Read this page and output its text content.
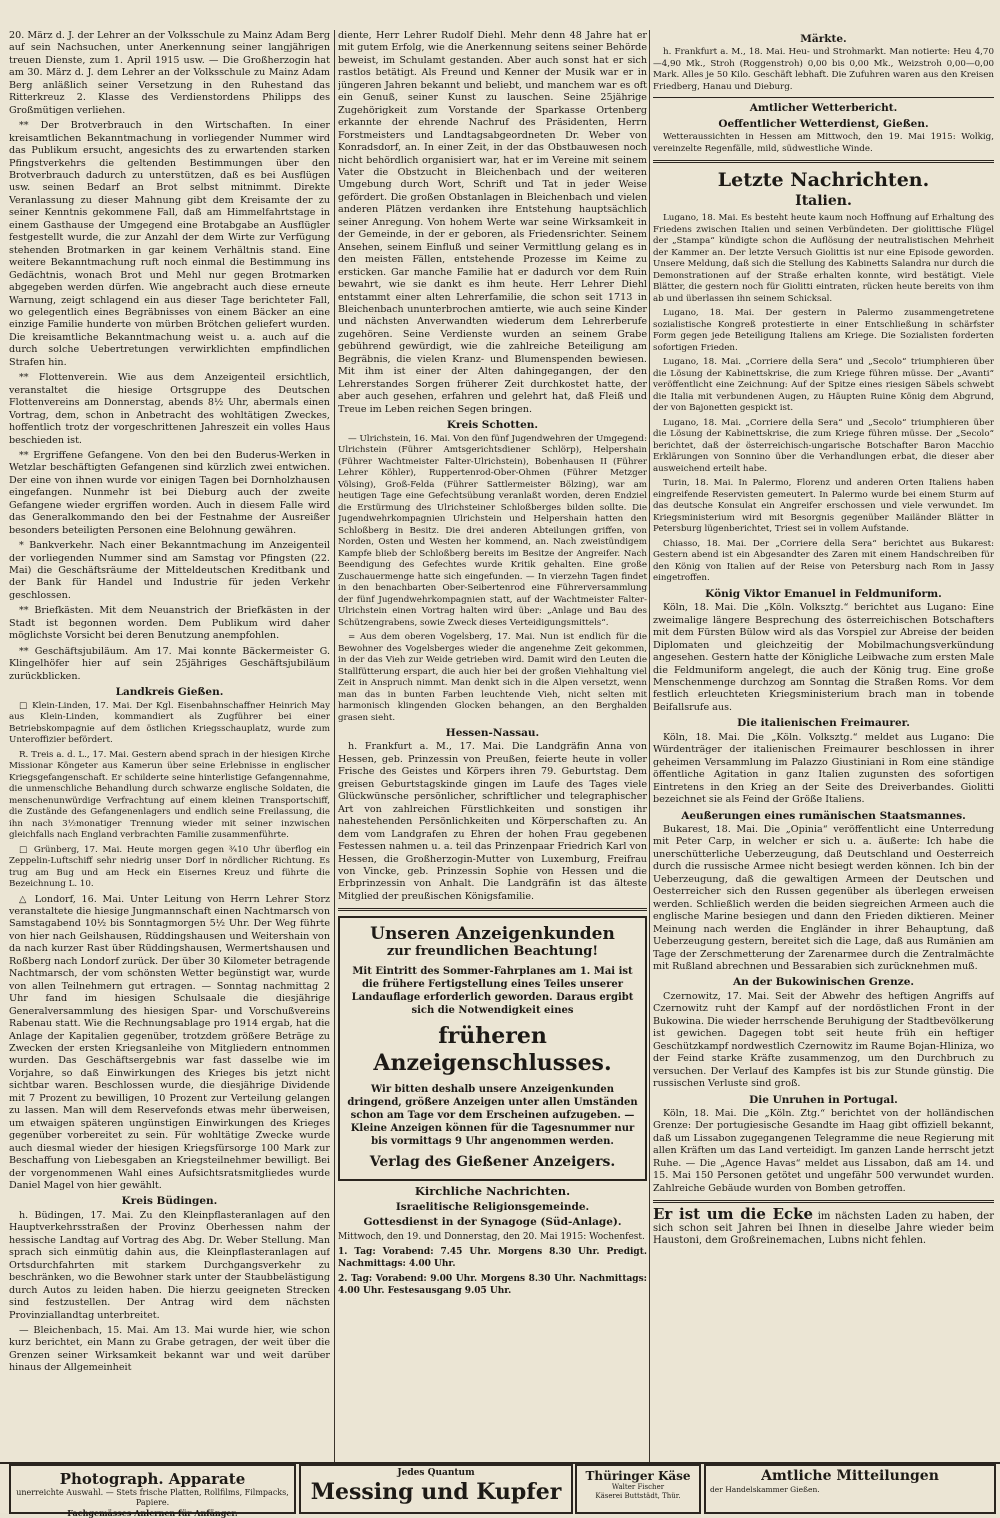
20. März d. J. der Lehrer an der Volksschule zu Mainz Adam Berg auf sein Nachsuchen, unter Anerkennung seiner langjährigen treuen Dienste, zum 1. April 1915 usw. — Die Großherzogin hat am 30. März d. J. dem Lehrer an der Volksschule zu Mainz Adam Berg anläßlich seiner Versetzung in den Ruhestand das Ritterkreuz 2. Klasse des Verdienstordens Philipps des Großmütigen verliehen.

** Der Brotverbrauch in den Wirtschaften. In einer kreisamtlichen Bekanntmachung in vorliegender Nummer wird das Publikum ersucht, angesichts des zu erwartenden starken Pfingstverkehrs die geltenden Bestimmungen über den Brotverbrauch dadurch zu unterstützen, daß es bei Ausflügen usw. seinen Bedarf an Brot selbst mitnimmt. Direkte Veranlassung zu dieser Mahnung gibt dem Kreisamte der zu seiner Kenntnis gekommene Fall, daß am Himmelfahrtstage in einem Gasthause der Umgegend eine Brotabgabe an Ausflügler festgestellt wurde, die zur Anzahl der dem Wirte zur Verfügung stehenden Brotmarken in gar keinem Verhältnis stand. Eine weitere Bekanntmachung ruft noch einmal die Bestimmung ins Gedächtnis, wonach Brot und Mehl nur gegen Brotmarken abgegeben werden dürfen. Wie angebracht auch diese erneute Warnung, zeigt schlagend ein aus dieser Tage berichteter Fall, wo gelegentlich eines Begräbnisses von einem Bäcker an eine einzige Familie hunderte von mürben Brötchen geliefert wurden. Die kreisamtliche Bekanntmachung weist u. a. auch auf die durch solche Uebertretungen verwirklichten empfindlichen Strafen hin.

** Flottenverein. Wie aus dem Anzeigenteil ersichtlich, veranstaltet die hiesige Ortsgruppe des Deutschen Flottenvereins am Donnerstag, abends 8½ Uhr, abermals einen Vortrag, dem, schon in Anbetracht des wohltätigen Zweckes, hoffentlich trotz der vorgeschrittenen Jahreszeit ein volles Haus beschieden ist.

** Ergriffene Gefangene. Von den bei den Buderus-Werken in Wetzlar beschäftigten Gefangenen sind kürzlich zwei entwichen. Der eine von ihnen wurde vor einigen Tagen bei Dornholzhausen eingefangen. Nunmehr ist bei Dieburg auch der zweite Gefangene wieder ergriffen worden. Auch in diesem Falle wird das Generalkommando den bei der Festnahme der Ausreißer besonders beteiligten Personen eine Belohnung gewähren.

* Bankverkehr. Nach einer Bekanntmachung im Anzeigenteil der vorliegenden Nummer sind am Samstag vor Pfingsten (22. Mai) die Geschäftsräume der Mitteldeutschen Kreditbank und der Bank für Handel und Industrie für jeden Verkehr geschlossen.

** Briefkästen. Mit dem Neuanstrich der Briefkästen in der Stadt ist begonnen worden. Dem Publikum wird daher möglichste Vorsicht bei deren Benutzung anempfohlen.

** Geschäftsjubiläum. Am 17. Mai konnte Bäckermeister G. Klingelhöfer hier auf sein 25jähriges Geschäftsjubiläum zurückblicken.

Landkreis Gießen.

□ Klein-Linden, 17. Mai. Der Kgl. Eisenbahnschaffner Heinrich May aus Klein-Linden, kommandiert als Zugführer bei einer Betriebskompagnie auf dem östlichen Kriegsschauplatz, wurde zum Unteroffizier befördert.

R. Treis a. d. L., 17. Mai. Gestern abend sprach in der hiesigen Kirche Missionar Köngeter aus Kamerun über seine Erlebnisse in englischer Kriegsgefangenschaft. Er schilderte seine hinterlistige Gefangennahme, die unmenschliche Behandlung durch schwarze englische Soldaten, die menschenunwürdige Verfrachtung auf einem kleinen Transportschiff, die Zustände des Gefangenenlagers und endlich seine Freilassung, die ihn nach 3½monatiger Trennung wieder mit seiner inzwischen gleichfalls nach England verbrachten Familie zusammenführte.

□ Grünberg, 17. Mai. Heute morgen gegen ¾10 Uhr überflog ein Zeppelin-Luftschiff sehr niedrig unser Dorf in nördlicher Richtung. Es trug am Bug und am Heck ein Eisernes Kreuz und führte die Bezeichnung L. 10.

△ Londorf, 16. Mai. Unter Leitung von Herrn Lehrer Storz veranstaltete die hiesige Jungmannschaft einen Nachtmarsch von Samstagabend 10½ bis Sonntagmorgen 5½ Uhr. Der Weg führte von hier nach Geilshausen, Rüddingshausen und Weitershain von da nach kurzer Rast über Rüddingshausen, Wermertshausen und Roßberg nach Londorf zurück. Der über 30 Kilometer betragende Nachtmarsch, der vom schönsten Wetter begünstigt war, wurde von allen Teilnehmern gut ertragen. — Sonntag nachmittag 2 Uhr fand im hiesigen Schulsaale die diesjährige Generalversammlung des hiesigen Spar- und Vorschußvereins Rabenau statt. Wie die Rechnungsablage pro 1914 ergab, hat die Anlage der Kapitalien gegenüber, trotzdem größere Beträge zu Zwecken der ersten Kriegsanleihe von Mitgliedern entnommen wurden. Das Geschäftsergebnis war fast dasselbe wie im Vorjahre, so daß Einwirkungen des Krieges bis jetzt nicht sichtbar waren. Beschlossen wurde, die diesjährige Dividende mit 7 Prozent zu bewilligen, 10 Prozent zur Verteilung gelangen zu lassen. Man will dem Reservefonds etwas mehr überweisen, um etwaigen späteren ungünstigen Einwirkungen des Krieges gegenüber vorbereitet zu sein. Für wohltätige Zwecke wurde auch diesmal wieder der hiesigen Kriegsfürsorge 100 Mark zur Beschaffung von Liebesgaben an Kriegsteilnehmer bewilligt. Bei der vorgenommenen Wahl eines Aufsichtsratsmitgliedes wurde Daniel Magel von hier gewählt.

Kreis Büdingen.

h. Büdingen, 17. Mai. Zu den Kleinpflasteranlagen auf den Hauptverkehrsstraßen der Provinz Oberhessen nahm der hessische Landtag auf Vortrag des Abg. Dr. Weber Stellung. Man sprach sich einmütig dahin aus, die Kleinpflasteranlagen auf Ortsdurchfahrten mit starkem Durchgangsverkehr zu beschränken, wo die Bewohner stark unter der Staubbelästigung durch Autos zu leiden haben. Die hierzu geeigneten Strecken sind festzustellen. Der Antrag wird dem nächsten Provinziallandtag unterbreitet.

— Bleichenbach, 15. Mai. Am 13. Mai wurde hier, wie schon kurz berichtet, ein Mann zu Grabe getragen, der weit über die Grenzen seiner Wirksamkeit bekannt war und weit darüber hinaus der Allgemeinheit

diente, Herr Lehrer Rudolf Diehl. Mehr denn 48 Jahre hat er mit gutem Erfolg, wie die Anerkennung seitens seiner Behörde beweist, im Schulamt gestanden. Aber auch sonst hat er sich rastlos betätigt. Als Freund und Kenner der Musik war er in jüngeren Jahren bekannt und beliebt, und manchem war es oft ein Genuß, seiner Kunst zu lauschen. Seine 25jährige Zugehörigkeit zum Vorstande der Sparkasse Ortenberg erkannte der ehrende Nachruf des Präsidenten, Herrn Forstmeisters und Landtagsabgeordneten Dr. Weber von Konradsdorf, an. In einer Zeit, in der das Obstbauwesen noch nicht behördlich organisiert war, hat er im Vereine mit seinem Vater die Obstzucht in Bleichenbach und der weiteren Umgebung durch Wort, Schrift und Tat in jeder Weise gefördert. Die großen Obstanlagen in Bleichenbach und vielen anderen Plätzen verdanken ihre Entstehung hauptsächlich seiner Anregung. Von hohem Werte war seine Wirksamkeit in der Gemeinde, in der er geboren, als Friedensrichter. Seinem Ansehen, seinem Einfluß und seiner Vermittlung gelang es in den meisten Fällen, entstehende Prozesse im Keime zu ersticken. Gar manche Familie hat er dadurch vor dem Ruin bewahrt, wie sie dankt es ihm heute. Herr Lehrer Diehl entstammt einer alten Lehrerfamilie, die schon seit 1713 in Bleichenbach ununterbrochen amtierte, wie auch seine Kinder und nächsten Anverwandten wiederum dem Lehrerberufe zugehören. Seine Verdienste wurden an seinem Grabe gebührend gewürdigt, wie die zahlreiche Beteiligung am Begräbnis, die vielen Kranz- und Blumenspenden bewiesen. Mit ihm ist einer der Alten dahingegangen, der den Lehrerstandes Sorgen früherer Zeit durchkostet hatte, der aber auch gesehen, erfahren und gelehrt hat, daß Fleiß und Treue im Leben reichen Segen bringen.

Kreis Schotten.

— Ulrichstein, 16. Mai. Von den fünf Jugendwehren der Umgegend: Ulrichstein (Führer Amtsgerichtsdiener Schlörp), Helpershain (Führer Wachtmeister Falter-Ulrichstein), Bobenhausen II (Führer Lehrer Köhler), Ruppertenrod-Ober-Ohmen (Führer Metzger Völsing), Groß-Felda (Führer Sattlermeister Bölzing), war am heutigen Tage eine Gefechtsübung veranlaßt worden, deren Endziel die Erstürmung des Ulrichsteiner Schloßberges bilden sollte. Die Jugendwehrkompagnien Ulrichstein und Helpershain hatten den Schloßberg in Besitz. Die drei anderen Abteilungen griffen, von Norden, Osten und Westen her kommend, an. Nach zweistündigem Kampfe blieb der Schloßberg bereits im Besitze der Angreifer. Nach Beendigung des Gefechtes wurde Kritik gehalten. Eine große Zuschauermenge hatte sich eingefunden. — In vierzehn Tagen findet in den benachbarten Ober-Seibertenrod eine Führerversammlung der fünf Jugendwehrkompagnien statt, auf der Wachtmeister Falter-Ulrichstein einen Vortrag halten wird über: „Anlage und Bau des Schützengrabens, sowie Zweck dieses Verteidigungsmittels“.

= Aus dem oberen Vogelsberg, 17. Mai. Nun ist endlich für die Bewohner des Vogelsberges wieder die angenehme Zeit gekommen, in der das Vieh zur Weide getrieben wird. Damit wird den Leuten die Stallfütterung erspart, die auch hier bei der großen Viehhaltung viel Zeit in Anspruch nimmt. Man denkt sich in die Alpen versetzt, wenn man das in bunten Farben leuchtende Vieh, nicht selten mit harmonisch klingenden Glocken behangen, an den Berghalden grasen sieht.

Hessen-Nassau.

h. Frankfurt a. M., 17. Mai. Die Landgräfin Anna von Hessen, geb. Prinzessin von Preußen, feierte heute in voller Frische des Geistes und Körpers ihren 79. Geburtstag. Dem greisen Geburtstagskinde gingen im Laufe des Tages viele Glückwünsche persönlicher, schriftlicher und telegraphischer Art von zahlreichen Fürstlichkeiten und sonstigen ihr nahestehenden Persönlichkeiten und Körperschaften zu. An dem vom Landgrafen zu Ehren der hohen Frau gegebenen Festessen nahmen u. a. teil das Prinzenpaar Friedrich Karl von Hessen, die Großherzogin-Mutter von Luxemburg, Freifrau von Vincke, geb. Prinzessin Sophie von Hessen und die Erbprinzessin von Anhalt. Die Landgräfin ist das älteste Mitglied der preußischen Königsfamilie.

Unseren Anzeigenkunden
zur freundlichen Beachtung!
Mit Eintritt des Sommer-Fahrplanes am 1. Mai ist die frühere Fertigstellung eines Teiles unserer Landauflage erforderlich geworden. Daraus ergibt sich die Notwendigkeit eines
früheren Anzeigenschlusses.
Wir bitten deshalb unsere Anzeigenkunden dringend, größere Anzeigen unter allen Umständen schon am Tage vor dem Erscheinen aufzugeben. — Kleine Anzeigen können für die Tagesnummer nur bis vormittags 9 Uhr angenommen werden.
Verlag des Gießener Anzeigers.
Kirchliche Nachrichten.
Israelitische Religionsgemeinde.
Gottesdienst in der Synagoge (Süd-Anlage).

Mittwoch, den 19. und Donnerstag, den 20. Mai 1915: Wochenfest.

1. Tag: Vorabend: 7.45 Uhr. Morgens 8.30 Uhr. Predigt. Nachmittags: 4.00 Uhr.

2. Tag: Vorabend: 9.00 Uhr. Morgens 8.30 Uhr. Nachmittags: 4.00 Uhr. Festesausgang 9.05 Uhr.

Märkte.

h. Frankfurt a. M., 18. Mai. Heu- und Strohmarkt. Man notierte: Heu 4,70—4,90 Mk., Stroh (Roggenstroh) 0,00 bis 0,00 Mk., Weizstroh 0,00—0,00 Mark. Alles je 50 Kilo. Geschäft lebhaft. Die Zufuhren waren aus den Kreisen Friedberg, Hanau und Dieburg.

Amtlicher Wetterbericht.
Oeffentlicher Wetterdienst, Gießen.

Wetteraussichten in Hessen am Mittwoch, den 19. Mai 1915: Wolkig, vereinzelte Regenfälle, mild, südwestliche Winde.

Letzte Nachrichten.
Italien.

Lugano, 18. Mai. Es besteht heute kaum noch Hoffnung auf Erhaltung des Friedens zwischen Italien und seinen Verbündeten. Der giolittische Flügel der „Stampa“ kündigte schon die Auflösung der neutralistischen Mehrheit der Kammer an. Der letzte Versuch Giolittis ist nur eine Episode geworden. Unsere Meldung, daß sich die Stellung des Kabinetts Salandra nur durch die Demonstrationen auf der Straße erhalten konnte, wird bestätigt. Viele Blätter, die gestern noch für Giolitti eintraten, rücken heute bereits von ihm ab und überlassen ihn seinem Schicksal.

Lugano, 18. Mai. Der gestern in Palermo zusammengetretene sozialistische Kongreß protestierte in einer Entschließung in schärfster Form gegen jede Beteiligung Italiens am Kriege. Die Sozialisten forderten sofortigen Frieden.

Lugano, 18. Mai. „Corriere della Sera“ und „Secolo“ triumphieren über die Lösung der Kabinettskrise, die zum Kriege führen müsse. Der „Avanti“ veröffentlicht eine Zeichnung: Auf der Spitze eines riesigen Säbels schwebt die Italia mit verbundenen Augen, zu Häupten Ruine König dem Abgrund, der von Bajonetten gespickt ist.

Lugano, 18. Mai. „Corriere della Sera“ und „Secolo“ triumphieren über die Lösung der Kabinettskrise, die zum Kriege führen müsse. Der „Secolo“ berichtet, daß der österreichisch-ungarische Botschafter Baron Macchio Erklärungen von Sonnino über die Verhandlungen erbat, die dieser aber ausweichend erteilt habe.

Turin, 18. Mai. In Palermo, Florenz und anderen Orten Italiens haben eingreifende Reservisten gemeutert. In Palermo wurde bei einem Sturm auf das deutsche Konsulat ein Angreifer erschossen und viele verwundet. Im Kriegsministerium wird mit Besorgnis gegenüber Mailänder Blätter in Petersburg lügenberichtet, Triest sei in vollem Aufstande.

Chiasso, 18. Mai. Der „Corriere della Sera“ berichtet aus Bukarest: Gestern abend ist ein Abgesandter des Zaren mit einem Handschreiben für den König von Italien auf der Reise von Petersburg nach Rom in Jassy eingetroffen.

König Viktor Emanuel in Feldmuniform.

Köln, 18. Mai. Die „Köln. Volksztg.“ berichtet aus Lugano: Eine zweimalige längere Besprechung des österreichischen Botschafters mit dem Fürsten Bülow wird als das Vorspiel zur Abreise der beiden Diplomaten und gleichzeitig der Mobilmachungsverkündung angesehen. Gestern hatte der Königliche Leibwache zum ersten Male die Feldmuniform angelegt, die auch der König trug. Eine große Menschenmenge durchzog am Sonntag die Straßen Roms. Vor dem festlich erleuchteten Kriegsministerium brach man in tobende Beifallsrufe aus.

Die italienischen Freimaurer.

Köln, 18. Mai. Die „Köln. Volksztg.“ meldet aus Lugano: Die Würdenträger der italienischen Freimaurer beschlossen in ihrer geheimen Versammlung im Palazzo Giustiniani in Rom eine ständige öffentliche Agitation in ganz Italien zugunsten des sofortigen Eintretens in den Krieg an der Seite des Dreiverbandes. Giolitti bezeichnet sie als Feind der Größe Italiens.

Aeußerungen eines rumänischen Staatsmannes.

Bukarest, 18. Mai. Die „Opinia“ veröffentlicht eine Unterredung mit Peter Carp, in welcher er sich u. a. äußerte: Ich habe die unerschütterliche Ueberzeugung, daß Deutschland und Oesterreich durch die russische Armee nicht besiegt werden können. Ich bin der Ueberzeugung, daß die gewaltigen Armeen der Deutschen und Oesterreicher sich den Russen gegenüber als überlegen erweisen werden. Schließlich werden die beiden siegreichen Armeen auch die englische Marine besiegen und dann den Frieden diktieren. Meiner Meinung nach werden die Engländer in ihrer Behauptung, daß Ueberzeugung gestern, bereitet sich die Lage, daß aus Rumänien am Tage der Zerschmetterung der Zarenarmee durch die Zentralmächte mit Rußland abrechnen und Bessarabien sich zurücknehmen muß.

An der Bukowinischen Grenze.

Czernowitz, 17. Mai. Seit der Abwehr des heftigen Angriffs auf Czernowitz ruht der Kampf auf der nordöstlichen Front in der Bukowina. Die wieder herrschende Beruhigung der Stadtbevölkerung ist gewichen. Dagegen tobt seit heute früh ein heftiger Geschützkampf nordwestlich Czernowitz im Raume Bojan-Hliniza, wo der Feind starke Kräfte zusammenzog, um den Durchbruch zu versuchen. Der Verlauf des Kampfes ist bis zur Stunde günstig. Die russischen Verluste sind groß.

Die Unruhen in Portugal.

Köln, 18. Mai. Die „Köln. Ztg.“ berichtet von der holländischen Grenze: Der portugiesische Gesandte im Haag gibt offiziell bekannt, daß um Lissabon zugegangenen Telegramme die neue Regierung mit allen Kräften um das Land verteidigt. Im ganzen Lande herrscht jetzt Ruhe. — Die „Agence Havas“ meldet aus Lissabon, daß am 14. und 15. Mai 150 Personen getötet und ungefähr 500 verwundet wurden. Zahlreiche Gebäude wurden von Bomben getroffen.

Er ist um die Ecke im nächsten Laden zu haben, der sich schon seit Jahren bei Ihnen in dieselbe Jahre wieder beim Haustoni, dem Großreinemachen, Lubns nicht fehlen.

Photograph. Apparate
unerreichte Auswahl. — Stets frische Platten, Rollfilms, Filmpacks, Papiere.
Fachgemässes Anlernen für Anfänger.
Jedes Quantum
Messing und Kupfer
Thüringer Käse
Walter Fischer
Käserei Buttstädt, Thür.
Amtliche Mitteilungen
der Handelskammer Gießen.
